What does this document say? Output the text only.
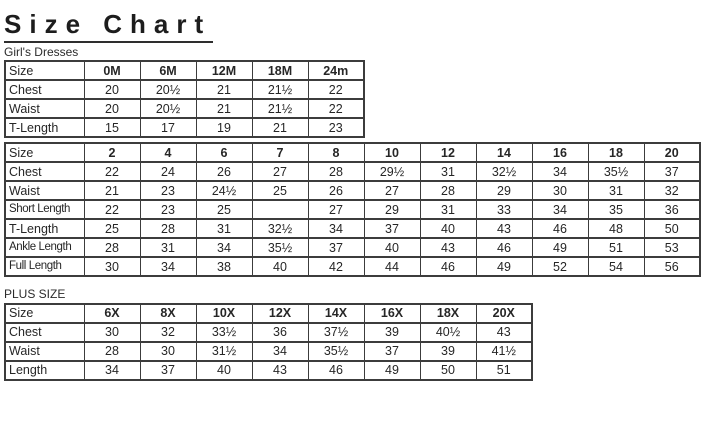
Size Chart
Girl's Dresses
Size	0M	6M	12M	18M	24m
Chest	20	20½	21	21½	22
Waist	20	20½	21	21½	22
T-Length	15	17	19	21	23
Size	2	4	6	7	8	10	12	14	16	18	20
Chest	22	24	26	27	28	29½	31	32½	34	35½	37
Waist	21	23	24½	25	26	27	28	29	30	31	32
Short Length	22	23	25		27	29	31	33	34	35	36
T-Length	25	28	31	32½	34	37	40	43	46	48	50
Ankle Length	28	31	34	35½	37	40	43	46	49	51	53
Full Length	30	34	38	40	42	44	46	49	52	54	56
PLUS SIZE
Size	6X	8X	10X	12X	14X	16X	18X	20X
Chest	30	32	33½	36	37½	39	40½	43
Waist	28	30	31½	34	35½	37	39	41½
Length	34	37	40	43	46	49	50	51
